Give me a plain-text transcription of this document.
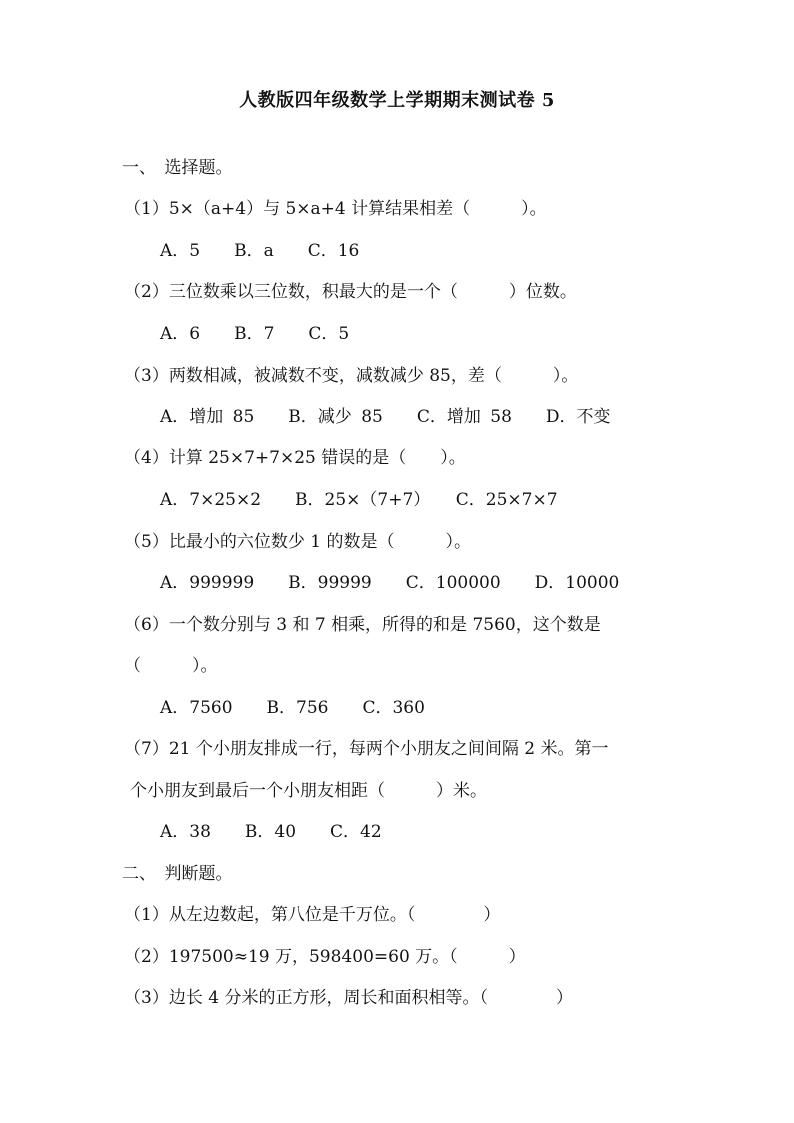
人教版四年级数学上学期期末测试卷 5
一、　选择题。
（1）5×（a+4）与 5×a+4 计算结果相差（　　　）。
A．5　　B．a　　C．16
（2）三位数乘以三位数，积最大的是一个（　　　）位数。
A．6　　B．7　　C．5
（3）两数相减，被减数不变，减数减少 85，差（　　　）。
A．增加 85　　B．减少 85　　C．增加 58　　D．不变
（4）计算 25×7+7×25 错误的是（　　）。
A．7×25×2　　B．25×（7+7）　　C．25×7×7
（5）比最小的六位数少 1 的数是（　　　）。
A．999999　　B．99999　　C．100000　　D．10000
（6）一个数分别与 3 和 7 相乘，所得的和是 7560，这个数是
（　　　）。
A．7560　　B．756　　C．360
（7）21 个小朋友排成一行，每两个小朋友之间间隔 2 米。第一
个小朋友到最后一个小朋友相距（　　　）米。
A．38　　B．40　　C．42
二、　判断题。
（1）从左边数起，第八位是千万位。（　　　　）
（2）197500≈19 万，598400=60 万。（　　　）
（3）边长 4 分米的正方形，周长和面积相等。（　　　　）
